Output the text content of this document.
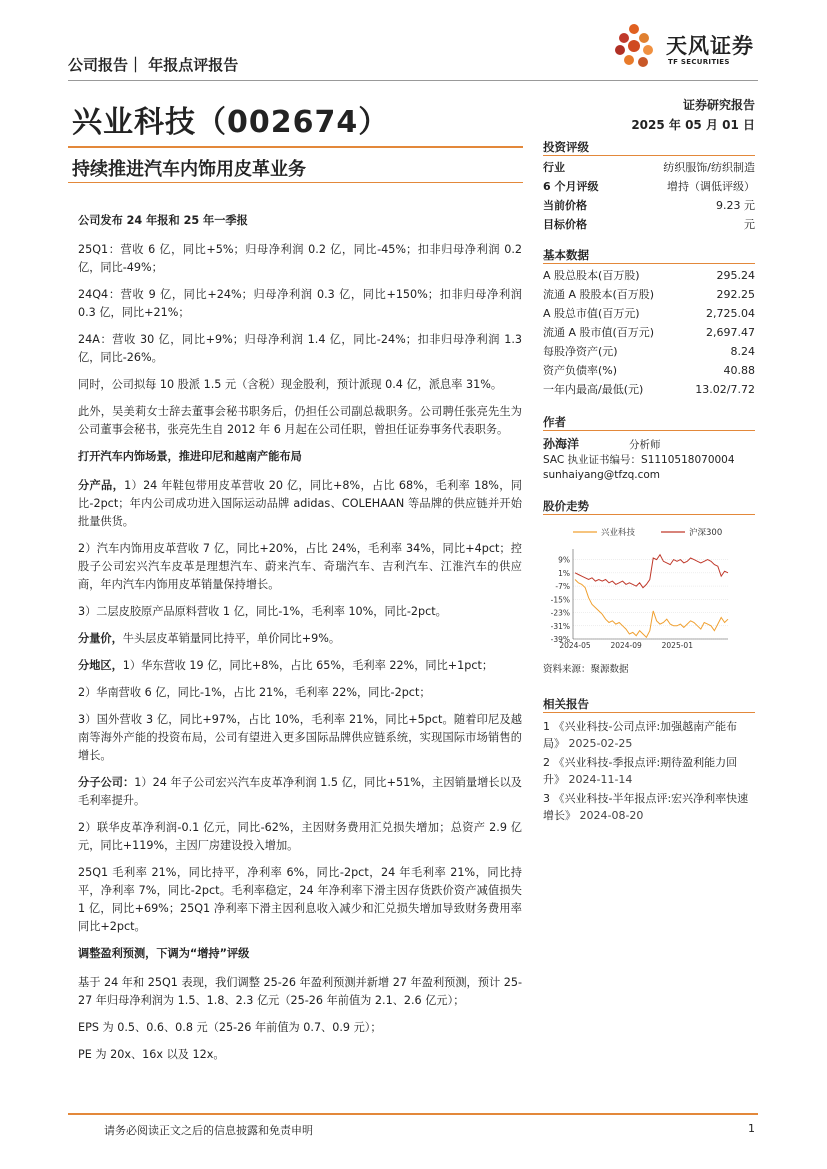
公司报告｜ 年报点评报告
天风证券
TF SECURITIES
兴业科技（002674）	证券研究报告
2025 年 05 月 01 日
持续推进汽车内饰用皮革业务

公司发布 24 年报和 25 年一季报

25Q1：营收 6 亿，同比+5%；归母净利润 0.2 亿，同比-45%；扣非归母净利润 0.2 亿，同比-49%；

24Q4：营收 9 亿，同比+24%；归母净利润 0.3 亿，同比+150%；扣非归母净利润 0.3 亿，同比+21%；

24A：营收 30 亿，同比+9%；归母净利润 1.4 亿，同比-24%；扣非归母净利润 1.3 亿，同比-26%。

同时，公司拟每 10 股派 1.5 元（含税）现金股利，预计派现 0.4 亿，派息率 31%。

此外，吴美莉女士辞去董事会秘书职务后，仍担任公司副总裁职务。公司聘任张亮先生为公司董事会秘书，张亮先生自 2012 年 6 月起在公司任职，曾担任证券事务代表职务。

打开汽车内饰场景，推进印尼和越南产能布局

分产品，1）24 年鞋包带用皮革营收 20 亿，同比+8%，占比 68%，毛利率 18%，同比-2pct；年内公司成功进入国际运动品牌 adidas、COLEHAAN 等品牌的供应链并开始批量供货。

2）汽车内饰用皮革营收 7 亿，同比+20%，占比 24%，毛利率 34%，同比+4pct；控股子公司宏兴汽车皮革是理想汽车、蔚来汽车、奇瑞汽车、吉利汽车、江淮汽车的供应商，年内汽车内饰用皮革销量保持增长。

3）二层皮胶原产品原料营收 1 亿，同比-1%，毛利率 10%，同比-2pct。

分量价，牛头层皮革销量同比持平，单价同比+9%。

分地区，1）华东营收 19 亿，同比+8%，占比 65%，毛利率 22%，同比+1pct；

2）华南营收 6 亿，同比-1%，占比 21%，毛利率 22%，同比-2pct；

3）国外营收 3 亿，同比+97%，占比 10%，毛利率 21%，同比+5pct。随着印尼及越南等海外产能的投资布局，公司有望进入更多国际品牌供应链系统，实现国际市场销售的增长。

分子公司：1）24 年子公司宏兴汽车皮革净利润 1.5 亿，同比+51%，主因销量增长以及毛利率提升。

2）联华皮革净利润-0.1 亿元，同比-62%，主因财务费用汇兑损失增加；总资产 2.9 亿元，同比+119%，主因厂房建设投入增加。

25Q1 毛利率 21%，同比持平，净利率 6%，同比-2pct，24 年毛利率 21%，同比持平，净利率 7%，同比-2pct。毛利率稳定，24 年净利率下滑主因存货跌价资产减值损失 1 亿，同比+69%；25Q1 净利率下滑主因利息收入减少和汇兑损失增加导致财务费用率同比+2pct。

调整盈利预测，下调为“增持”评级

基于 24 年和 25Q1 表现，我们调整 25-26 年盈利预测并新增 27 年盈利预测，预计 25-27 年归母净利润为 1.5、1.8、2.3 亿元（25-26 年前值为 2.1、2.6 亿元）；

EPS 为 0.5、0.6、0.8 元（25-26 年前值为 0.7、0.9 元）；

PE 为 20x、16x 以及 12x。

投资评级
行业	纺织服饰/纺织制造
6 个月评级	增持（调低评级）
当前价格	9.23 元
目标价格	元
基本数据
A 股总股本(百万股)	295.24
流通 A 股股本(百万股)	292.25
A 股总市值(百万元)	2,725.04
流通 A 股市值(百万元)	2,697.47
每股净资产(元)	8.24
资产负债率(%)	40.88
一年内最高/最低(元)	13.02/7.72
作者
孙海洋	分析师
SAC 执业证书编号：S1110518070004
sunhaiyang@tfzq.com
股价走势
兴业科技	沪深300
9%
1%
-7%
-15%
-23%
-31%
-39%
2024-05	2024-09	2025-01
资料来源：聚源数据
相关报告
1 《兴业科技-公司点评:加强越南产能布局》 2025-02-25
2 《兴业科技-季报点评:期待盈利能力回升》 2024-11-14
3 《兴业科技-半年报点评:宏兴净利率快速增长》 2024-08-20
请务必阅读正文之后的信息披露和免责申明	1
